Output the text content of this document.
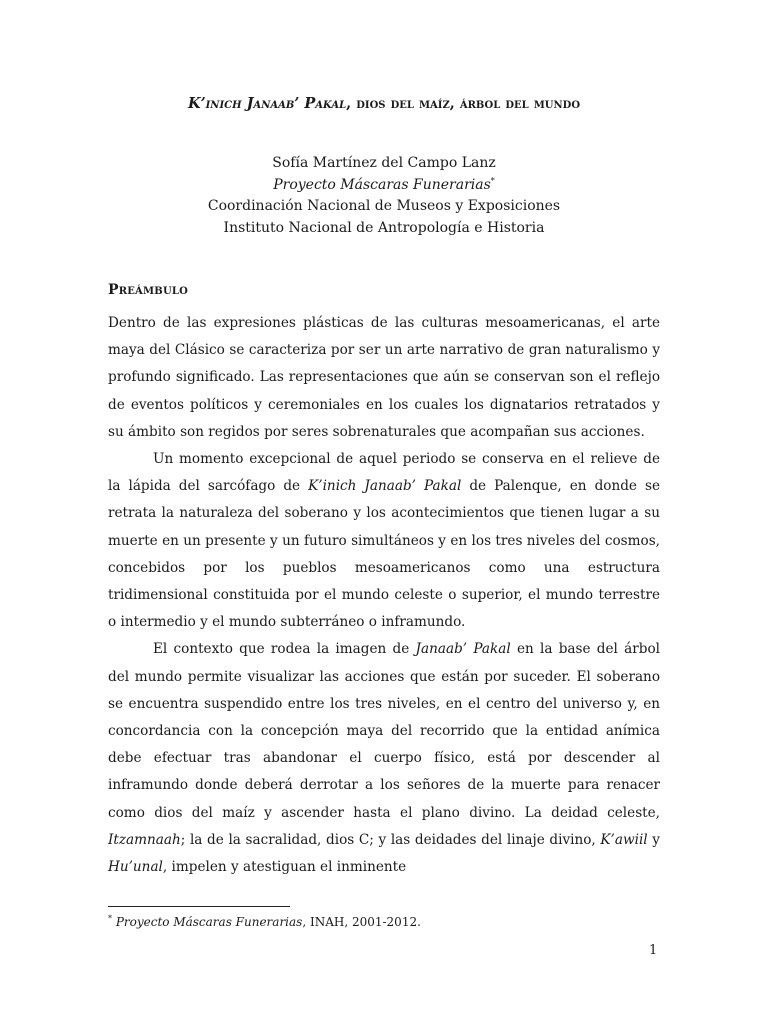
K’inich Janaab’ Pakal, dios del maíz, árbol del mundo
Sofía Martínez del Campo Lanz
Proyecto Máscaras Funerarias*
Coordinación Nacional de Museos y Exposiciones
Instituto Nacional de Antropología e Historia
Preámbulo

Dentro de las expresiones plásticas de las culturas mesoamericanas, el arte maya del Clásico se caracteriza por ser un arte narrativo de gran naturalismo y profundo significado. Las representaciones que aún se conservan son el reflejo de eventos políticos y ceremoniales en los cuales los dignatarios retratados y su ámbito son regidos por seres sobrenaturales que acompañan sus acciones.

Un momento excepcional de aquel periodo se conserva en el relieve de la lápida del sarcófago de K’inich Janaab’ Pakal de Palenque, en donde se retrata la naturaleza del soberano y los acontecimientos que tienen lugar a su muerte en un presente y un futuro simultáneos y en los tres niveles del cosmos, concebidos por los pueblos mesoamericanos como una estructura tridimensional constituida por el mundo celeste o superior, el mundo terrestre o intermedio y el mundo subterráneo o inframundo.

El contexto que rodea la imagen de Janaab’ Pakal en la base del árbol del mundo permite visualizar las acciones que están por suceder. El soberano se encuentra suspendido entre los tres niveles, en el centro del universo y, en concordancia con la concepción maya del recorrido que la entidad anímica debe efectuar tras abandonar el cuerpo físico, está por descender al inframundo donde deberá derrotar a los señores de la muerte para renacer como dios del maíz y ascender hasta el plano divino. La deidad celeste, Itzamnaah; la de la sacralidad, dios C; y las deidades del linaje divino, K’awiil y Hu’unal, impelen y atestiguan el inminente

* Proyecto Máscaras Funerarias, INAH, 2001-2012.
1
